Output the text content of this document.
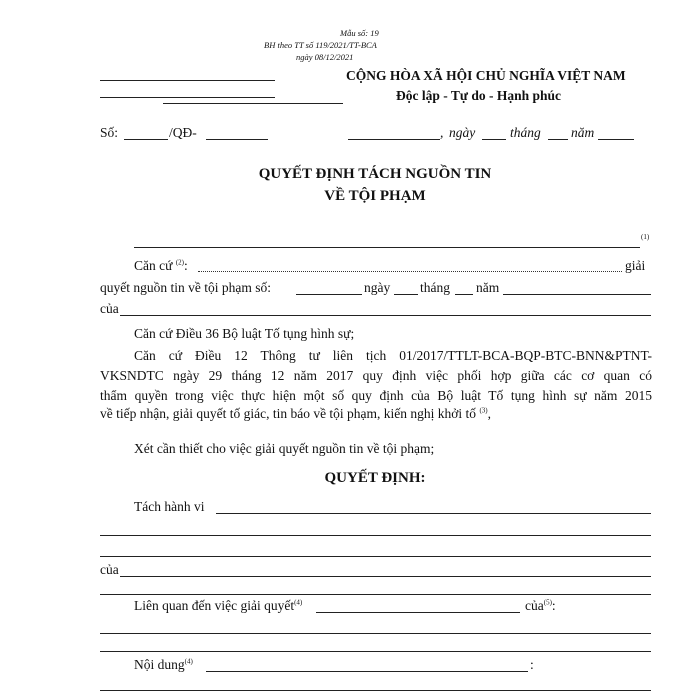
Mẫu số: 19
BH theo TT số 119/2021/TT-BCA
ngày 08/12/2021
CỘNG HÒA XÃ HỘI CHỦ NGHĨA VIỆT NAM
Độc lập - Tự do - Hạnh phúc
Số:	/QĐ-	, ngày	tháng năm
QUYẾT ĐỊNH TÁCH NGUỒN TIN
VỀ TỘI PHẠM
(1)
Căn cứ $^{(2)}$:	giải
quyết nguồn tin về tội phạm số:	ngày tháng năm
của
Căn cứ Điều 36 Bộ luật Tố tụng hình sự;
Căn cứ Điều 12 Thông tư liên tịch 01/2017/TTLT-BCA-BQP-BTC-BNN&PTNT-
VKSNDTC ngày 29 tháng 12 năm 2017 quy định việc phối hợp giữa các cơ quan có
thẩm quyền trong việc thực hiện một số quy định của Bộ luật Tố tụng hình sự năm 2015
về tiếp nhận, giải quyết tố giác, tin báo về tội phạm, kiến nghị khởi tố $^{(3)}$,
Xét cần thiết cho việc giải quyết nguồn tin về tội phạm;
QUYẾT ĐỊNH:
Tách hành vi
của
Liên quan đến việc giải quyết$^{(4)}$	của$^{(5)}$:
Nội dung$^{(4)}$	:
